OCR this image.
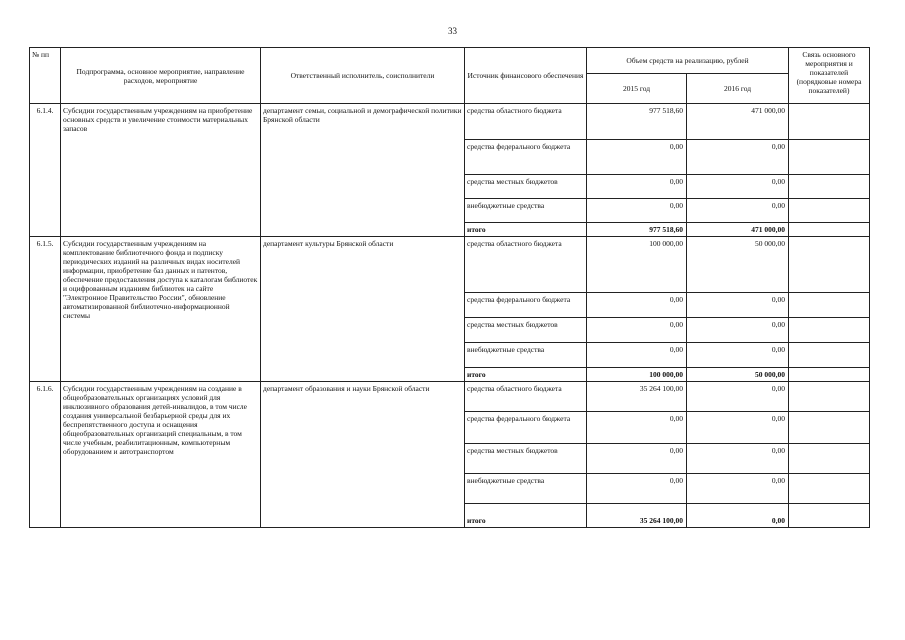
33
№ пп	Подпрограмма, основное мероприятие, направление расходов, мероприятие	Ответственный исполнитель, соисполнители	Источник финансового обеспечения	Объем средств на реализацию, рублей		Связь основного мероприятия и показателей (порядковые номера показателей)
				2015 год	2016 год	
6.1.4.	Субсидии государственным учреждениям на приобретение основных средств и увеличение стоимости материальных запасов	департамент семьи, социальной и демографической политики Брянской области	средства областного бюджета	977 518,60	471 000,00	
			средства федерального бюджета	0,00	0,00	
			средства местных бюджетов	0,00	0,00	
			внебюджетные средства	0,00	0,00	
			итого	977 518,60	471 000,00	
6.1.5.	Субсидии государственным учреждениям на комплектование библиотечного фонда и подписку периодических изданий на различных видах носителей информации, приобретение баз данных и патентов, обеспечение предоставления доступа к каталогам библиотек и оцифрованным изданиям библиотек на сайте "Электронное Правительство России", обновление автоматизированной библиотечно-информационной системы	департамент культуры Брянской области	средства областного бюджета	100 000,00	50 000,00	
			средства федерального бюджета	0,00	0,00	
			средства местных бюджетов	0,00	0,00	
			внебюджетные средства	0,00	0,00	
			итого	100 000,00	50 000,00	
6.1.6.	Субсидии государственным учреждениям на создание в общеобразовательных организациях условий для инклюзивного образования детей-инвалидов, в том числе создания универсальной безбарьерной среды для их беспрепятственного доступа и оснащения общеобразовательных организаций специальным, в том числе учебным, реабилитационным, компьютерным оборудованием и автотранспортом	департамент образования и науки Брянской области	средства областного бюджета	35 264 100,00	0,00	
			средства федерального бюджета	0,00	0,00	
			средства местных бюджетов	0,00	0,00	
			внебюджетные средства	0,00	0,00	
			итого	35 264 100,00	0,00	
